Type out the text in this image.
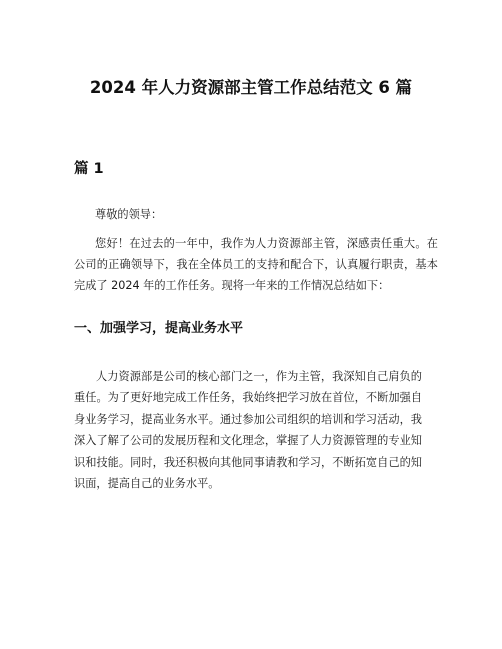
2024 年人力资源部主管工作总结范文 6 篇
篇 1

尊敬的领导：

您好！在过去的一年中，我作为人力资源部主管，深感责任重大。在公司的正确领导下，我在全体员工的支持和配合下，认真履行职责，基本完成了 2024 年的工作任务。现将一年来的工作情况总结如下：

一、加强学习，提高业务水平

人力资源部是公司的核心部门之一，作为主管，我深知自己肩负的重任。为了更好地完成工作任务，我始终把学习放在首位，不断加强自身业务学习，提高业务水平。通过参加公司组织的培训和学习活动，我深入了解了公司的发展历程和文化理念，掌握了人力资源管理的专业知识和技能。同时，我还积极向其他同事请教和学习，不断拓宽自己的知识面，提高自己的业务水平。
